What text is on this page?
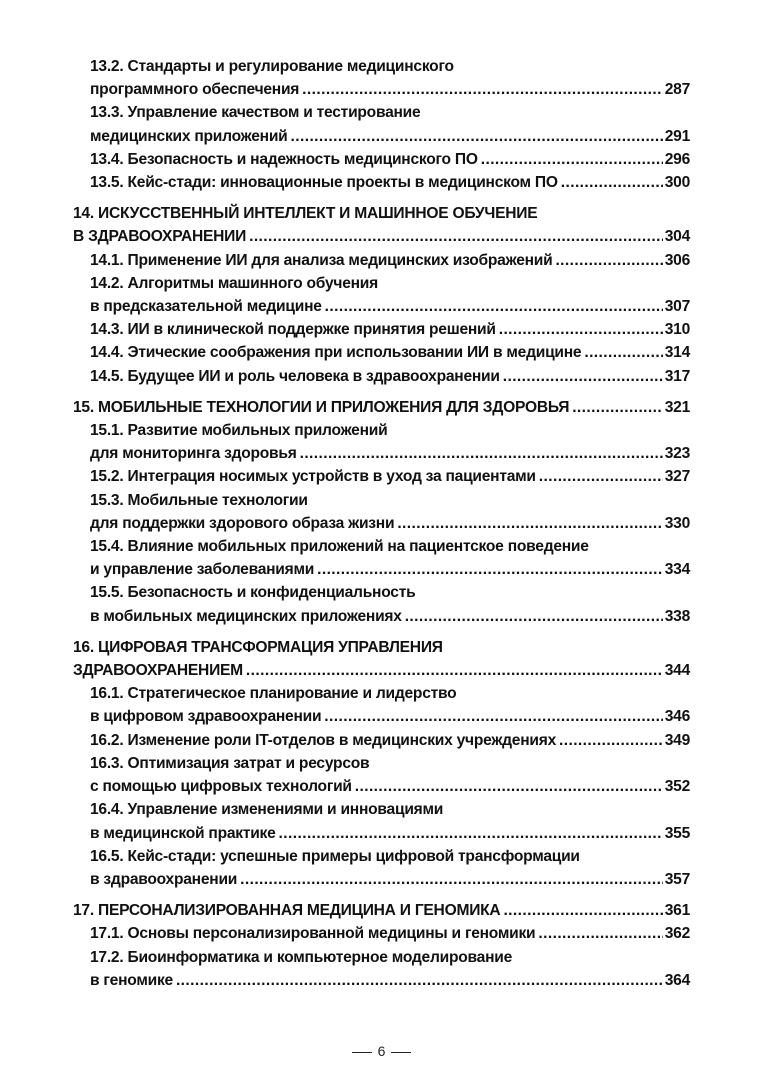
13.2. Стандарты и регулирование медицинского
программного обеспечения .....	287
13.3. Управление качеством и тестирование
медицинских приложений .....	291
13.4. Безопасность и надежность медицинского ПО .....	296
13.5. Кейс-стади: инновационные проекты в медицинском ПО .....	300
14. ИСКУССТВЕННЫЙ ИНТЕЛЛЕКТ И МАШИННОЕ ОБУЧЕНИЕ
В ЗДРАВООХРАНЕНИИ .....	304
14.1. Применение ИИ для анализа медицинских изображений .....	306
14.2. Алгоритмы машинного обучения
в предсказательной медицине .....	307
14.3. ИИ в клинической поддержке принятия решений .....	310
14.4. Этические соображения при использовании ИИ в медицине .....	314
14.5. Будущее ИИ и роль человека в здравоохранении .....	317
15. МОБИЛЬНЫЕ ТЕХНОЛОГИИ И ПРИЛОЖЕНИЯ ДЛЯ ЗДОРОВЬЯ .....	321
15.1. Развитие мобильных приложений
для мониторинга здоровья .....	323
15.2. Интеграция носимых устройств в уход за пациентами .....	327
15.3. Мобильные технологии
для поддержки здорового образа жизни .....	330
15.4. Влияние мобильных приложений на пациентское поведение
и управление заболеваниями .....	334
15.5. Безопасность и конфиденциальность
в мобильных медицинских приложениях .....	338
16. ЦИФРОВАЯ ТРАНСФОРМАЦИЯ УПРАВЛЕНИЯ
ЗДРАВООХРАНЕНИЕМ .....	344
16.1. Стратегическое планирование и лидерство
в цифровом здравоохранении .....	346
16.2. Изменение роли IT-отделов в медицинских учреждениях .....	349
16.3. Оптимизация затрат и ресурсов
с помощью цифровых технологий .....	352
16.4. Управление изменениями и инновациями
в медицинской практике .....	355
16.5. Кейс-стади: успешные примеры цифровой трансформации
в здравоохранении .....	357
17. ПЕРСОНАЛИЗИРОВАННАЯ МЕДИЦИНА И ГЕНОМИКА .....	361
17.1. Основы персонализированной медицины и геномики .....	362
17.2. Биоинформатика и компьютерное моделирование
в геномике .....	364
6
